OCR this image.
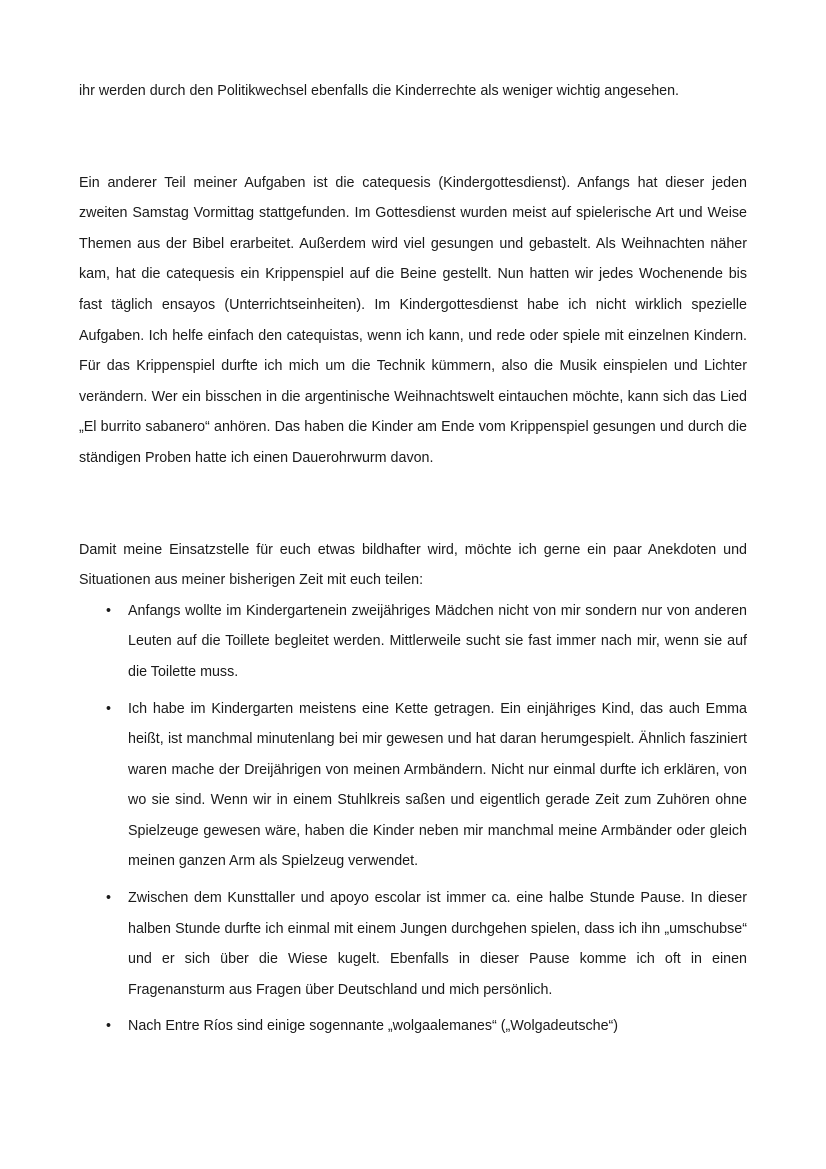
ihr werden durch den Politikwechsel ebenfalls die Kinderrechte als weniger wichtig angesehen.

Ein anderer Teil meiner Aufgaben ist die catequesis (Kindergottesdienst). Anfangs hat dieser jeden zweiten Samstag Vormittag stattgefunden. Im Gottesdienst wurden meist auf spielerische Art und Weise Themen aus der Bibel erarbeitet. Außerdem wird viel gesungen und gebastelt. Als Weihnachten näher kam, hat die catequesis ein Krippenspiel auf die Beine gestellt. Nun hatten wir jedes Wochenende bis fast täglich ensayos (Unterrichtseinheiten). Im Kindergottesdienst habe ich nicht wirklich spezielle Aufgaben. Ich helfe einfach den catequistas, wenn ich kann, und rede oder spiele mit einzelnen Kindern. Für das Krippenspiel durfte ich mich um die Technik kümmern, also die Musik einspielen und Lichter verändern. Wer ein bisschen in die argentinische Weihnachtswelt eintauchen möchte, kann sich das Lied „El burrito sabanero“ anhören. Das haben die Kinder am Ende vom Krippenspiel gesungen und durch die ständigen Proben hatte ich einen Dauerohrwurm davon.

Damit meine Einsatzstelle für euch etwas bildhafter wird, möchte ich gerne ein paar Anekdoten und Situationen aus meiner bisherigen Zeit mit euch teilen:

• Anfangs wollte im Kindergartenein zweijähriges Mädchen nicht von mir sondern nur von anderen Leuten auf die Toillete begleitet werden. Mittlerweile sucht sie fast immer nach mir, wenn sie auf die Toilette muss.
• Ich habe im Kindergarten meistens eine Kette getragen. Ein einjähriges Kind, das auch Emma heißt, ist manchmal minutenlang bei mir gewesen und hat daran herumgespielt. Ähnlich fasziniert waren mache der Dreijährigen von meinen Armbändern. Nicht nur einmal durfte ich erklären, von wo sie sind. Wenn wir in einem Stuhlkreis saßen und eigentlich gerade Zeit zum Zuhören ohne Spielzeuge gewesen wäre, haben die Kinder neben mir manchmal meine Armbänder oder gleich meinen ganzen Arm als Spielzeug verwendet.
• Zwischen dem Kunsttaller und apoyo escolar ist immer ca. eine halbe Stunde Pause. In dieser halben Stunde durfte ich einmal mit einem Jungen durchgehen spielen, dass ich ihn „umschubse“ und er sich über die Wiese kugelt. Ebenfalls in dieser Pause komme ich oft in einen Fragenansturm aus Fragen über Deutschland und mich persönlich.
• Nach Entre Ríos sind einige sogennante „wolgaalemanes“ („Wolgadeutsche“)
